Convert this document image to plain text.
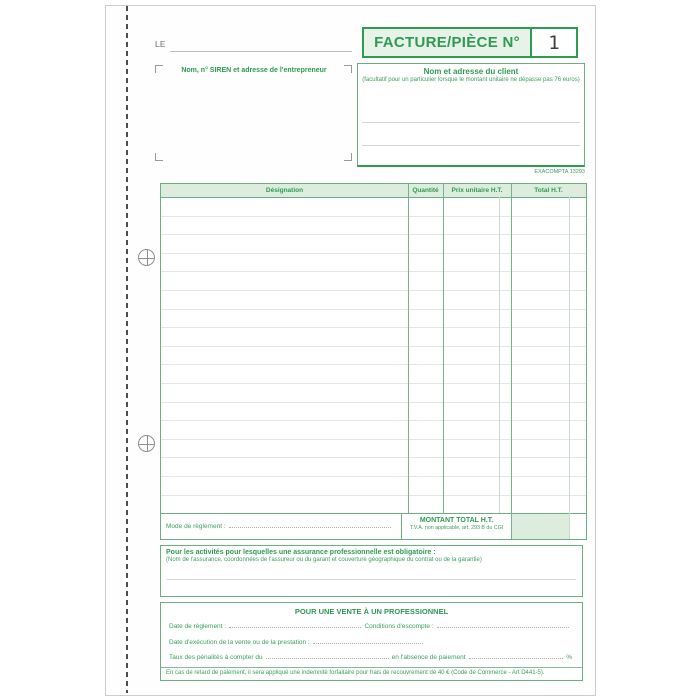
LE	FACTURE/PIÈCE N°	1
Nom, n° SIREN et adresse de l'entrepreneur	Nom et adresse du client
(facultatif pour un particulier lorsque le montant unitaire ne dépasse pas 76 euros)
EXACOMPTA 13293
Désignation	Quantité	Prix unitaire H.T.	Total H.T.
Mode de règlement :
MONTANT TOTAL H.T.
T.V.A. non applicable, art. 293 B du CGI
Pour les activités pour lesquelles une assurance professionnelle est obligatoire :
(Nom de l'assurance, coordonnées de l'assureur ou du garant et couverture géographique du contrat ou de la garantie)
POUR UNE VENTE À UN PROFESSIONNEL
Date de règlement :	Conditions d'escompte :
Date d'exécution de la vente ou de la prestation :
Taux des pénalités à compter du	en l'absence de paiement	%
En cas de retard de paiement, il sera appliqué une indemnité forfaitaire pour frais de recouvrement de 40 € (Code de Commerce - Art D441-5).
